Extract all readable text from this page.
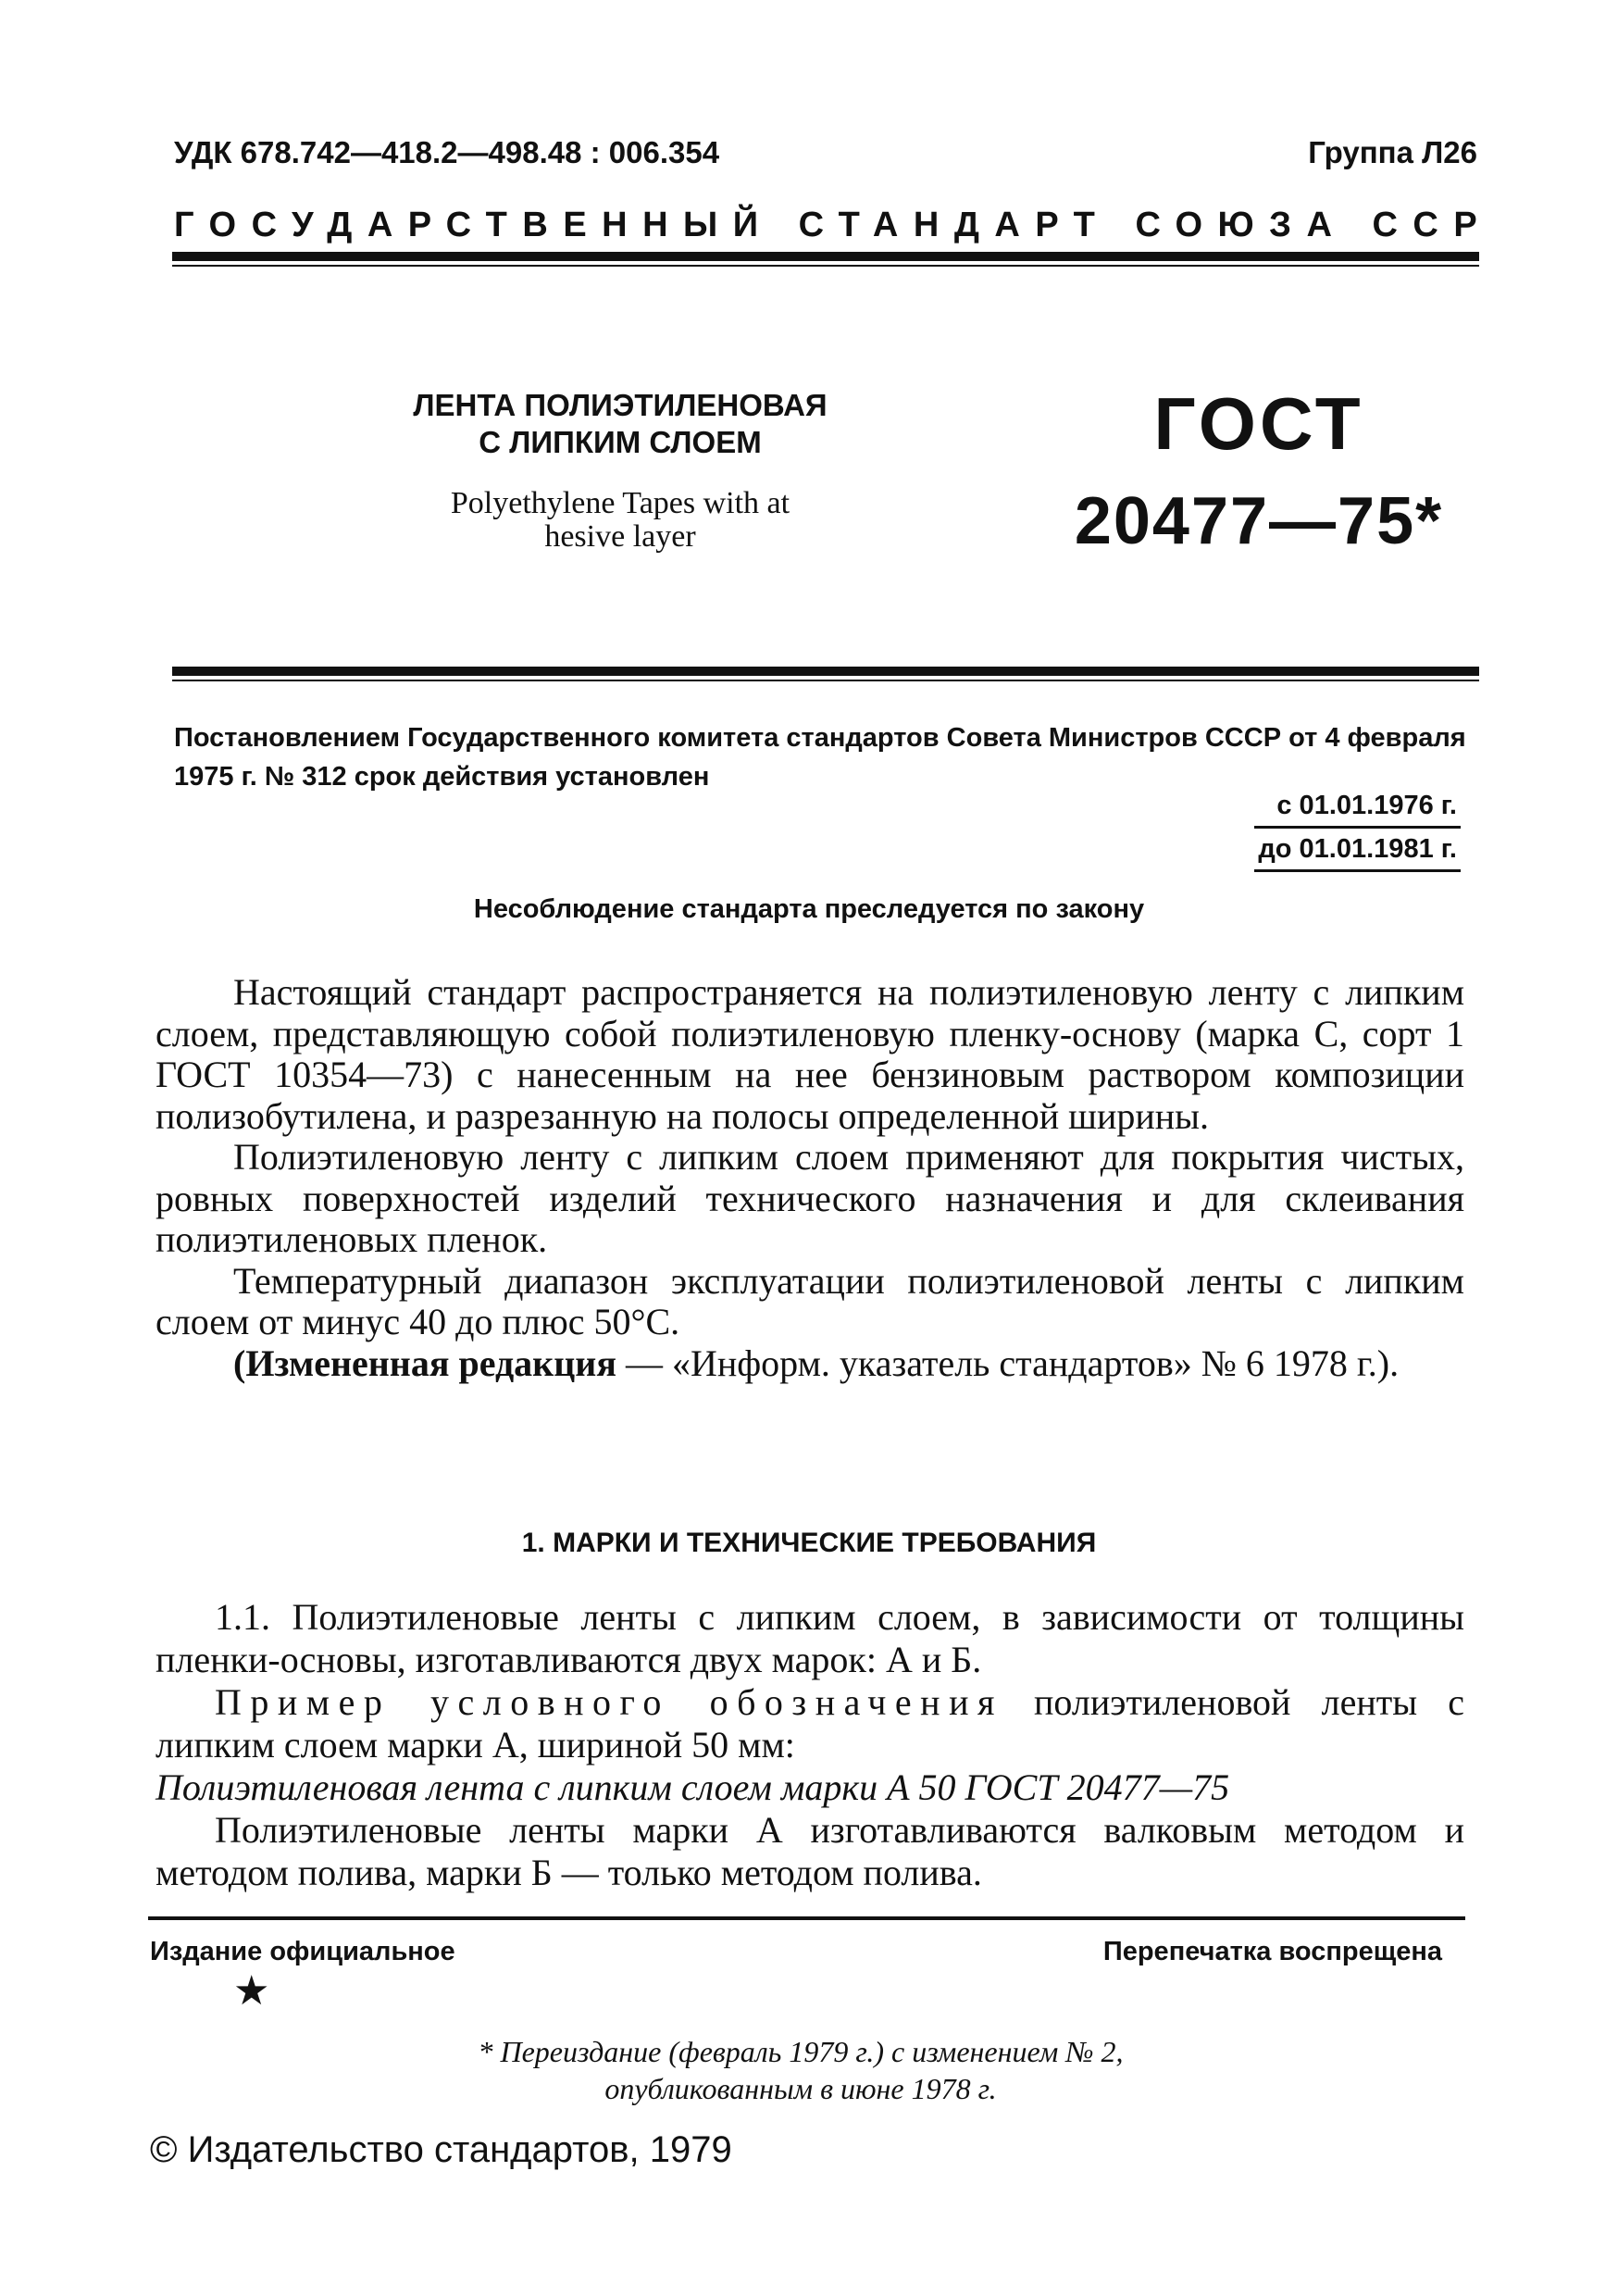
УДК 678.742—418.2—498.48 : 006.354	Группа Л26
ГОСУДАРСТВЕННЫЙ СТАНДАРТ СОЮЗА ССР
ЛЕНТА ПОЛИЭТИЛЕНОВАЯ
С ЛИПКИМ СЛОЕМ
Polyethylene Tapes with at
hesive layer
ГОСТ
20477—75*
Постановлением Государственного комитета стандартов Совета Министров СССР от 4 февраля 1975 г. № 312 срок действия установлен
с 01.01.1976 г.
до 01.01.1981 г.
Несоблюдение стандарта преследуется по закону

Настоящий стандарт распространяется на полиэтиленовую ленту с липким слоем, представляющую собой полиэтиленовую пленку-основу (марка С, сорт 1 ГОСТ 10354—73) с нанесенным на нее бензиновым раствором композиции полизобутилена, и разрезанную на полосы определенной ширины.

Полиэтиленовую ленту с липким слоем применяют для покрытия чистых, ровных поверхностей изделий технического назначения и для склеивания полиэтиленовых пленок.

Температурный диапазон эксплуатации полиэтиленовой ленты с липким слоем от минус 40 до плюс 50°С.

(Измененная редакция — «Информ. указатель стандартов» № 6 1978 г.).

1. МАРКИ И ТЕХНИЧЕСКИЕ ТРЕБОВАНИЯ

1.1. Полиэтиленовые ленты с липким слоем, в зависимости от толщины пленки-основы, изготавливаются двух марок: А и Б.

Пример условного обозначения полиэтиленовой ленты с липким слоем марки А, шириной 50 мм:

Полиэтиленовая лента с липким слоем марки А 50 ГОСТ 20477—75

Полиэтиленовые ленты марки А изготавливаются валковым методом и методом полива, марки Б — только методом полива.

Издание официальное	Перепечатка воспрещена
★
* Переиздание (февраль 1979 г.) с изменением № 2,
опубликованным в июне 1978 г.
© Издательство стандартов, 1979
